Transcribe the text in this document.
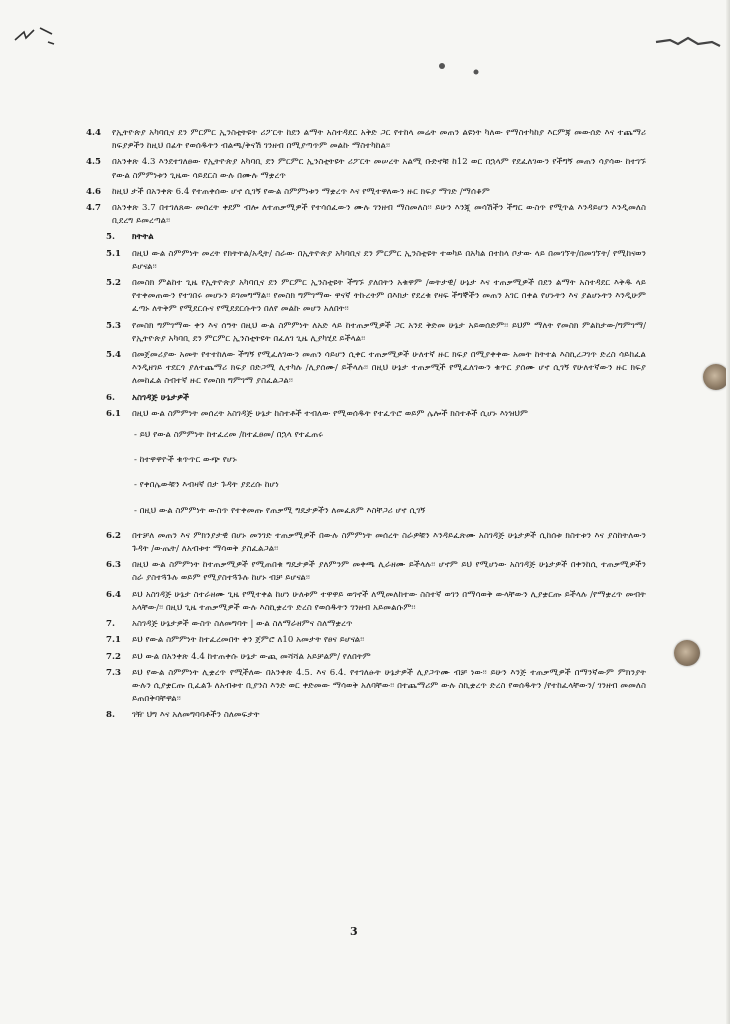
4.4	የኢትዮጵያ አካባቢና ደን ምርምር ኢንስቲትዩት ሪፖርት ከደን ልማት አስተዳደር አቅድ ጋር የተከላ መሬት መጠን ልዩነት ካለው የማስተካከያ እርምጃ መውሰድ እና ተጨማሪ ክፍያዎችን ከዚህ በፊት የወሰዱትን ብልጫ/ቅናሽ ገንዘብ በሚያጣጥም መልኩ ማስተካከል፡፡
4.5	በአንቀጽ 4.3 እንደተገለፀው የኢትዮጵያ አካባቢ ደን ምርምር ኢንስቲትዩት ሪፖርት መሠረት አልሚ ቡድኖቹ ከ12 ወር በኋላም የደፈለገውን የችግኝ መጠን ሳያሳው ከተገኙ የውል ስምምነቱን ጊዜው ሳይደርስ ውሉ በሙሉ ማቋረጥ
4.6	ከዚህ ታች በአንቀጽ 6.4 የተጠቀሰው ሆኖ ሲገኝ የውል ስምምነቱን ማቋረጥ እና የሚተዋለውን ዙር ክፍያ ማገድ /ማሰቆም
4.7	በአንቀጽ 3.7 በተገለጸው መሰረት ቀደም ብሎ ለተጠቃሚዎች የተሳሰፈውን ሙሉ ገንዘብ ማስመለስ፡፡ ይሁን እንጂ መሳሽችን ችግር ውስጥ የሚጥል እንዳይሆን እንዲመለስ ቢደረግ ይመረጣል፡፡
5.	ክትትል
5.1	በዚህ ውል ስምምነት መረት የክትትል/አዲት/ ስራው በኢትዮጵያ አካባቢና ደን ምርምር ኢንስቲዩት ተወካይ በአካል በተከላ ቦታው ላይ በመገኘት/በመገኘት/ የሚከናወን ይሆናል፡፡
5.2	በመስክ ምልከተ ጊዜ የኢትዮጵያ አካባቢና ደን ምርምር ኢንስቲዩት ችግኙ ያለበትን አቁዋም /ወትታዊ/ ሁኔታ እና ተጠቃሚዎች በደን ልማት አስተዳደር እቅዱ ላይ የተቀመጠውን የተገበሩ መሆኑን ይገመግማል፡፡ የመስክ ግምገማው ዋናኛ ትኩረትም በእክታ የደረቁ የዛፍ ችግኞችን መጠን አገር በቀል የሆኑትን እና ያልሆኑትን እንዲሁም ፈጣኑ ለትቅም የሚደርሱና የሚደደርሱትን በለየ መልኩ መሆን አለበት፡፡
5.3	የመስክ ግምገማው ቀን እና ሰዓት በዚህ ውል ስምምነት ለአድ ላይ ከተጠቃሚዎች ጋር አንደ ቅድመ ሁኔታ አይወሰድም፡፡ ይህም ማለት የመስክ ምልከታው/ግምገማ/ የኢትዮጵያ አካባቢ ደን ምርምር ኢንስቲትዩት በፈለገ ጊዜ ሊያካሂደ ይችላል፡፡
5.4	በመጀመሪያው አመት የተተከለው ችግኝ የሚፈለገውን መጠን ሳይሆን ሲቀር ተጠቃሚዎች ሁለተኛ ዙር ክፍያ በሚያቀቀው አመት ከትተል እስኪረጋገጥ ድረስ ሳይከፈል እንዲዘገይ ተደርጎ ያለተጨማሪ ክፍያ በድጋሚ ሊተካሉ /ሊያሰሙ/ ይችላሉ፡፡ በዚህ ሁኔታ ተጠቃሚች የሚፈለገውን ቁጥር ያሰሙ ሆኖ ሲገኝ የሁለተኛውን ዙር ክፍያ ለመከፈል ስብተኛ ዙር የመስክ ግምገማ ያስፈልጋል፡፡
6.	አስገዳጅ ሁኔታዎች
6.1	በዚህ ውል ስምምነት መሰረት አስገዳጅ ሁኔታ ከስተቶች ተብለው የሚወሰዱት የተፈጥሮ ወይም ሌሎች ክስተቶች ሲሆኑ እነዝህም
- ይህ የውል ስምምነት ከተፈረመ /ከተፈፀመ/ በኋላ የተፈጠሩ
- ከተዋዋዮች ቁጥጥር ውጭ የሆኑ
- የቀበሌውቹን እብዛኛ በታ ጉዳት ያደረሱ ከሆነ
- በዚህ ውል ስምምነት ውስጥ የተቀመጡ የጠቃሚ ግዴታዎችን ለመፈጸም እስቸጋሪ ሆኖ ሲገኝ
6.2	በተቻለ መጠን እና ምክንያታዊ በሆኑ መንገድ ተጠቃሚዎች በውሉ ስምምነት መሰረት ስራዎቹን እንዳይፈጽሙ አስገዳጅ ሁኔታዎች ሲከሰቱ ክስተቱን እና ያስከትለውን ጉዳት /ውጤት/ ለአብቱተ ማሳወቅ ያስፈልጋል፡፡
6.3	በዚህ ውል ስምምነት ከተጠቃሚዎች የሚጠበቁ ግዴታዎች ያለምንም መቀጫ ሊራዘሙ ይችላሉ፡፡ ሆኖም ይህ የሚሆነው አስገዳጅ ሁኔታዎች በቀንከሲ ተጠቃሚዎችን ስራ ያስተጓጉሉ ወይም የሚያስተጓጉሉ ከሆኑ ብቻ ይሆናል፡፡
6.4	ይህ አስገዳጅ ሁኔታ ስተራዘሙ ጊዜ የሚተቀል ከሆነ ሁለቱም ተዋዋይ ወገኖች ለሚመለከተው ስስተኛ ወገን በማሳወቅ ውላቸውን ሊያቋርጡ ይችላሉ /የማቋረጥ መብት አላቸው/፡፡ በዚህ ጊዜ ተጠቃሚዎች ውሉ እስኪቋረጥ ድረስ የወሰዱትን ገንዘብ አይመልሱም፡፡
7.	አስገዳጅ ሁኔታዎች ውስጥ ስለመግባት | ውል ስለማራዘምና ስለማቋረጥ
7.1	ይህ የውል ስምምነት ከተፈረመበት ቀን ጀምሮ ለ10 አመታት የፀና ይሆናል፡፡
7.2	ይህ ውል በአንቀጽ 4.4 ከተጠቀሱ ሁኔታ ውጪ መሻሻል አይቻልም/ የለበትም
7.3	ይህ የውል ስምምነት ሊቋረጥ የሚችለው በአንቀጽ 4.5. እና 6.4. የተገለፁት ሁኔታዎች ሊያጋጥሙ ብቻ ነው፡፡ ይሁን እንጅ ተጠቃሚዎች በማንኛውም ምክንያት ውሉን ሲያቋርጡ ቢፈልጉ ለአብቱተ ቢያንስ እንድ ወር ቀድመው ማሳወቅ አለባቸው፡፡ በተጨማሪም ውሉ ስኪቋረጥ ድረስ የወሰዱትን /የተከፈላቸውን/ ገንዘብ መመለስ ይጠበቅባቸዋል፡፡
8.	ገዥ ህግ እና አለመግባባቶችን ስለመፍታት
3
